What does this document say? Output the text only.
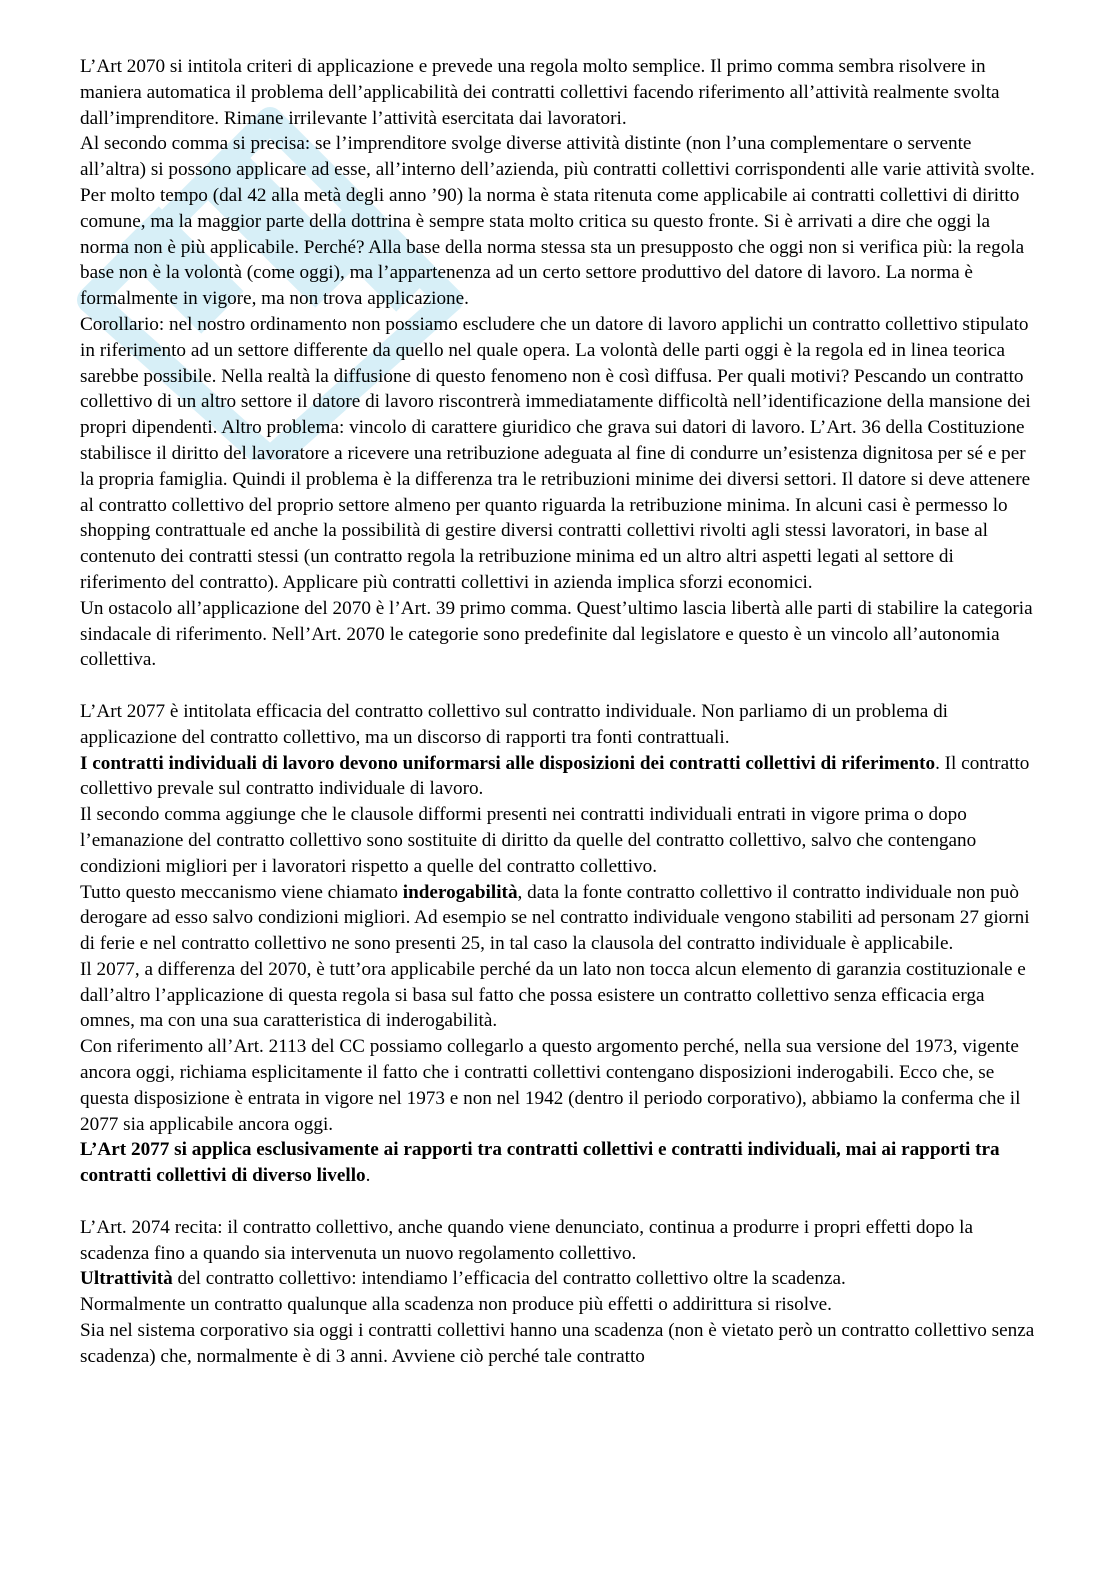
L’Art 2070 si intitola criteri di applicazione e prevede una regola molto semplice. Il primo comma sembra risolvere in maniera automatica il problema dell’applicabilità dei contratti collettivi facendo riferimento all’attività realmente svolta dall’imprenditore. Rimane irrilevante l’attività esercitata dai lavoratori.

Al secondo comma si precisa: se l’imprenditore svolge diverse attività distinte (non l’una complementare o servente all’altra) si possono applicare ad esse, all’interno dell’azienda, più contratti collettivi corrispondenti alle varie attività svolte.

Per molto tempo (dal 42 alla metà degli anno ’90) la norma è stata ritenuta come applicabile ai contratti collettivi di diritto comune, ma la maggior parte della dottrina è sempre stata molto critica su questo fronte. Si è arrivati a dire che oggi la norma non è più applicabile. Perché? Alla base della norma stessa sta un presupposto che oggi non si verifica più: la regola base non è la volontà (come oggi), ma l’appartenenza ad un certo settore produttivo del datore di lavoro. La norma è formalmente in vigore, ma non trova applicazione.

Corollario: nel nostro ordinamento non possiamo escludere che un datore di lavoro applichi un contratto collettivo stipulato in riferimento ad un settore differente da quello nel quale opera. La volontà delle parti oggi è la regola ed in linea teorica sarebbe possibile. Nella realtà la diffusione di questo fenomeno non è così diffusa. Per quali motivi? Pescando un contratto collettivo di un altro settore il datore di lavoro riscontrerà immediatamente difficoltà nell’identificazione della mansione dei propri dipendenti. Altro problema: vincolo di carattere giuridico che grava sui datori di lavoro. L’Art. 36 della Costituzione stabilisce il diritto del lavoratore a ricevere una retribuzione adeguata al fine di condurre un’esistenza dignitosa per sé e per la propria famiglia. Quindi il problema è la differenza tra le retribuzioni minime dei diversi settori. Il datore si deve attenere al contratto collettivo del proprio settore almeno per quanto riguarda la retribuzione minima. In alcuni casi è permesso lo shopping contrattuale ed anche la possibilità di gestire diversi contratti collettivi rivolti agli stessi lavoratori, in base al contenuto dei contratti stessi (un contratto regola la retribuzione minima ed un altro altri aspetti legati al settore di riferimento del contratto). Applicare più contratti collettivi in azienda implica sforzi economici.

Un ostacolo all’applicazione del 2070 è l’Art. 39 primo comma. Quest’ultimo lascia libertà alle parti di stabilire la categoria sindacale di riferimento. Nell’Art. 2070 le categorie sono predefinite dal legislatore e questo è un vincolo all’autonomia collettiva.

L’Art 2077 è intitolata efficacia del contratto collettivo sul contratto individuale. Non parliamo di un problema di applicazione del contratto collettivo, ma un discorso di rapporti tra fonti contrattuali.

I contratti individuali di lavoro devono uniformarsi alle disposizioni dei contratti collettivi di riferimento. Il contratto collettivo prevale sul contratto individuale di lavoro.

Il secondo comma aggiunge che le clausole difformi presenti nei contratti individuali entrati in vigore prima o dopo l’emanazione del contratto collettivo sono sostituite di diritto da quelle del contratto collettivo, salvo che contengano condizioni migliori per i lavoratori rispetto a quelle del contratto collettivo.

Tutto questo meccanismo viene chiamato inderogabilità, data la fonte contratto collettivo il contratto individuale non può derogare ad esso salvo condizioni migliori. Ad esempio se nel contratto individuale vengono stabiliti ad personam 27 giorni di ferie e nel contratto collettivo ne sono presenti 25, in tal caso la clausola del contratto individuale è applicabile.

Il 2077, a differenza del 2070, è tutt’ora applicabile perché da un lato non tocca alcun elemento di garanzia costituzionale e dall’altro l’applicazione di questa regola si basa sul fatto che possa esistere un contratto collettivo senza efficacia erga omnes, ma con una sua caratteristica di inderogabilità.

Con riferimento all’Art. 2113 del CC possiamo collegarlo a questo argomento perché, nella sua versione del 1973, vigente ancora oggi, richiama esplicitamente il fatto che i contratti collettivi contengano disposizioni inderogabili. Ecco che, se questa disposizione è entrata in vigore nel 1973 e non nel 1942 (dentro il periodo corporativo), abbiamo la conferma che il 2077 sia applicabile ancora oggi.

L’Art 2077 si applica esclusivamente ai rapporti tra contratti collettivi e contratti individuali, mai ai rapporti tra contratti collettivi di diverso livello.

L’Art. 2074 recita: il contratto collettivo, anche quando viene denunciato, continua a produrre i propri effetti dopo la scadenza fino a quando sia intervenuta un nuovo regolamento collettivo.

Ultrattività del contratto collettivo: intendiamo l’efficacia del contratto collettivo oltre la scadenza.

Normalmente un contratto qualunque alla scadenza non produce più effetti o addirittura si risolve.

Sia nel sistema corporativo sia oggi i contratti collettivi hanno una scadenza (non è vietato però un contratto collettivo senza scadenza) che, normalmente è di 3 anni. Avviene ciò perché tale contratto
